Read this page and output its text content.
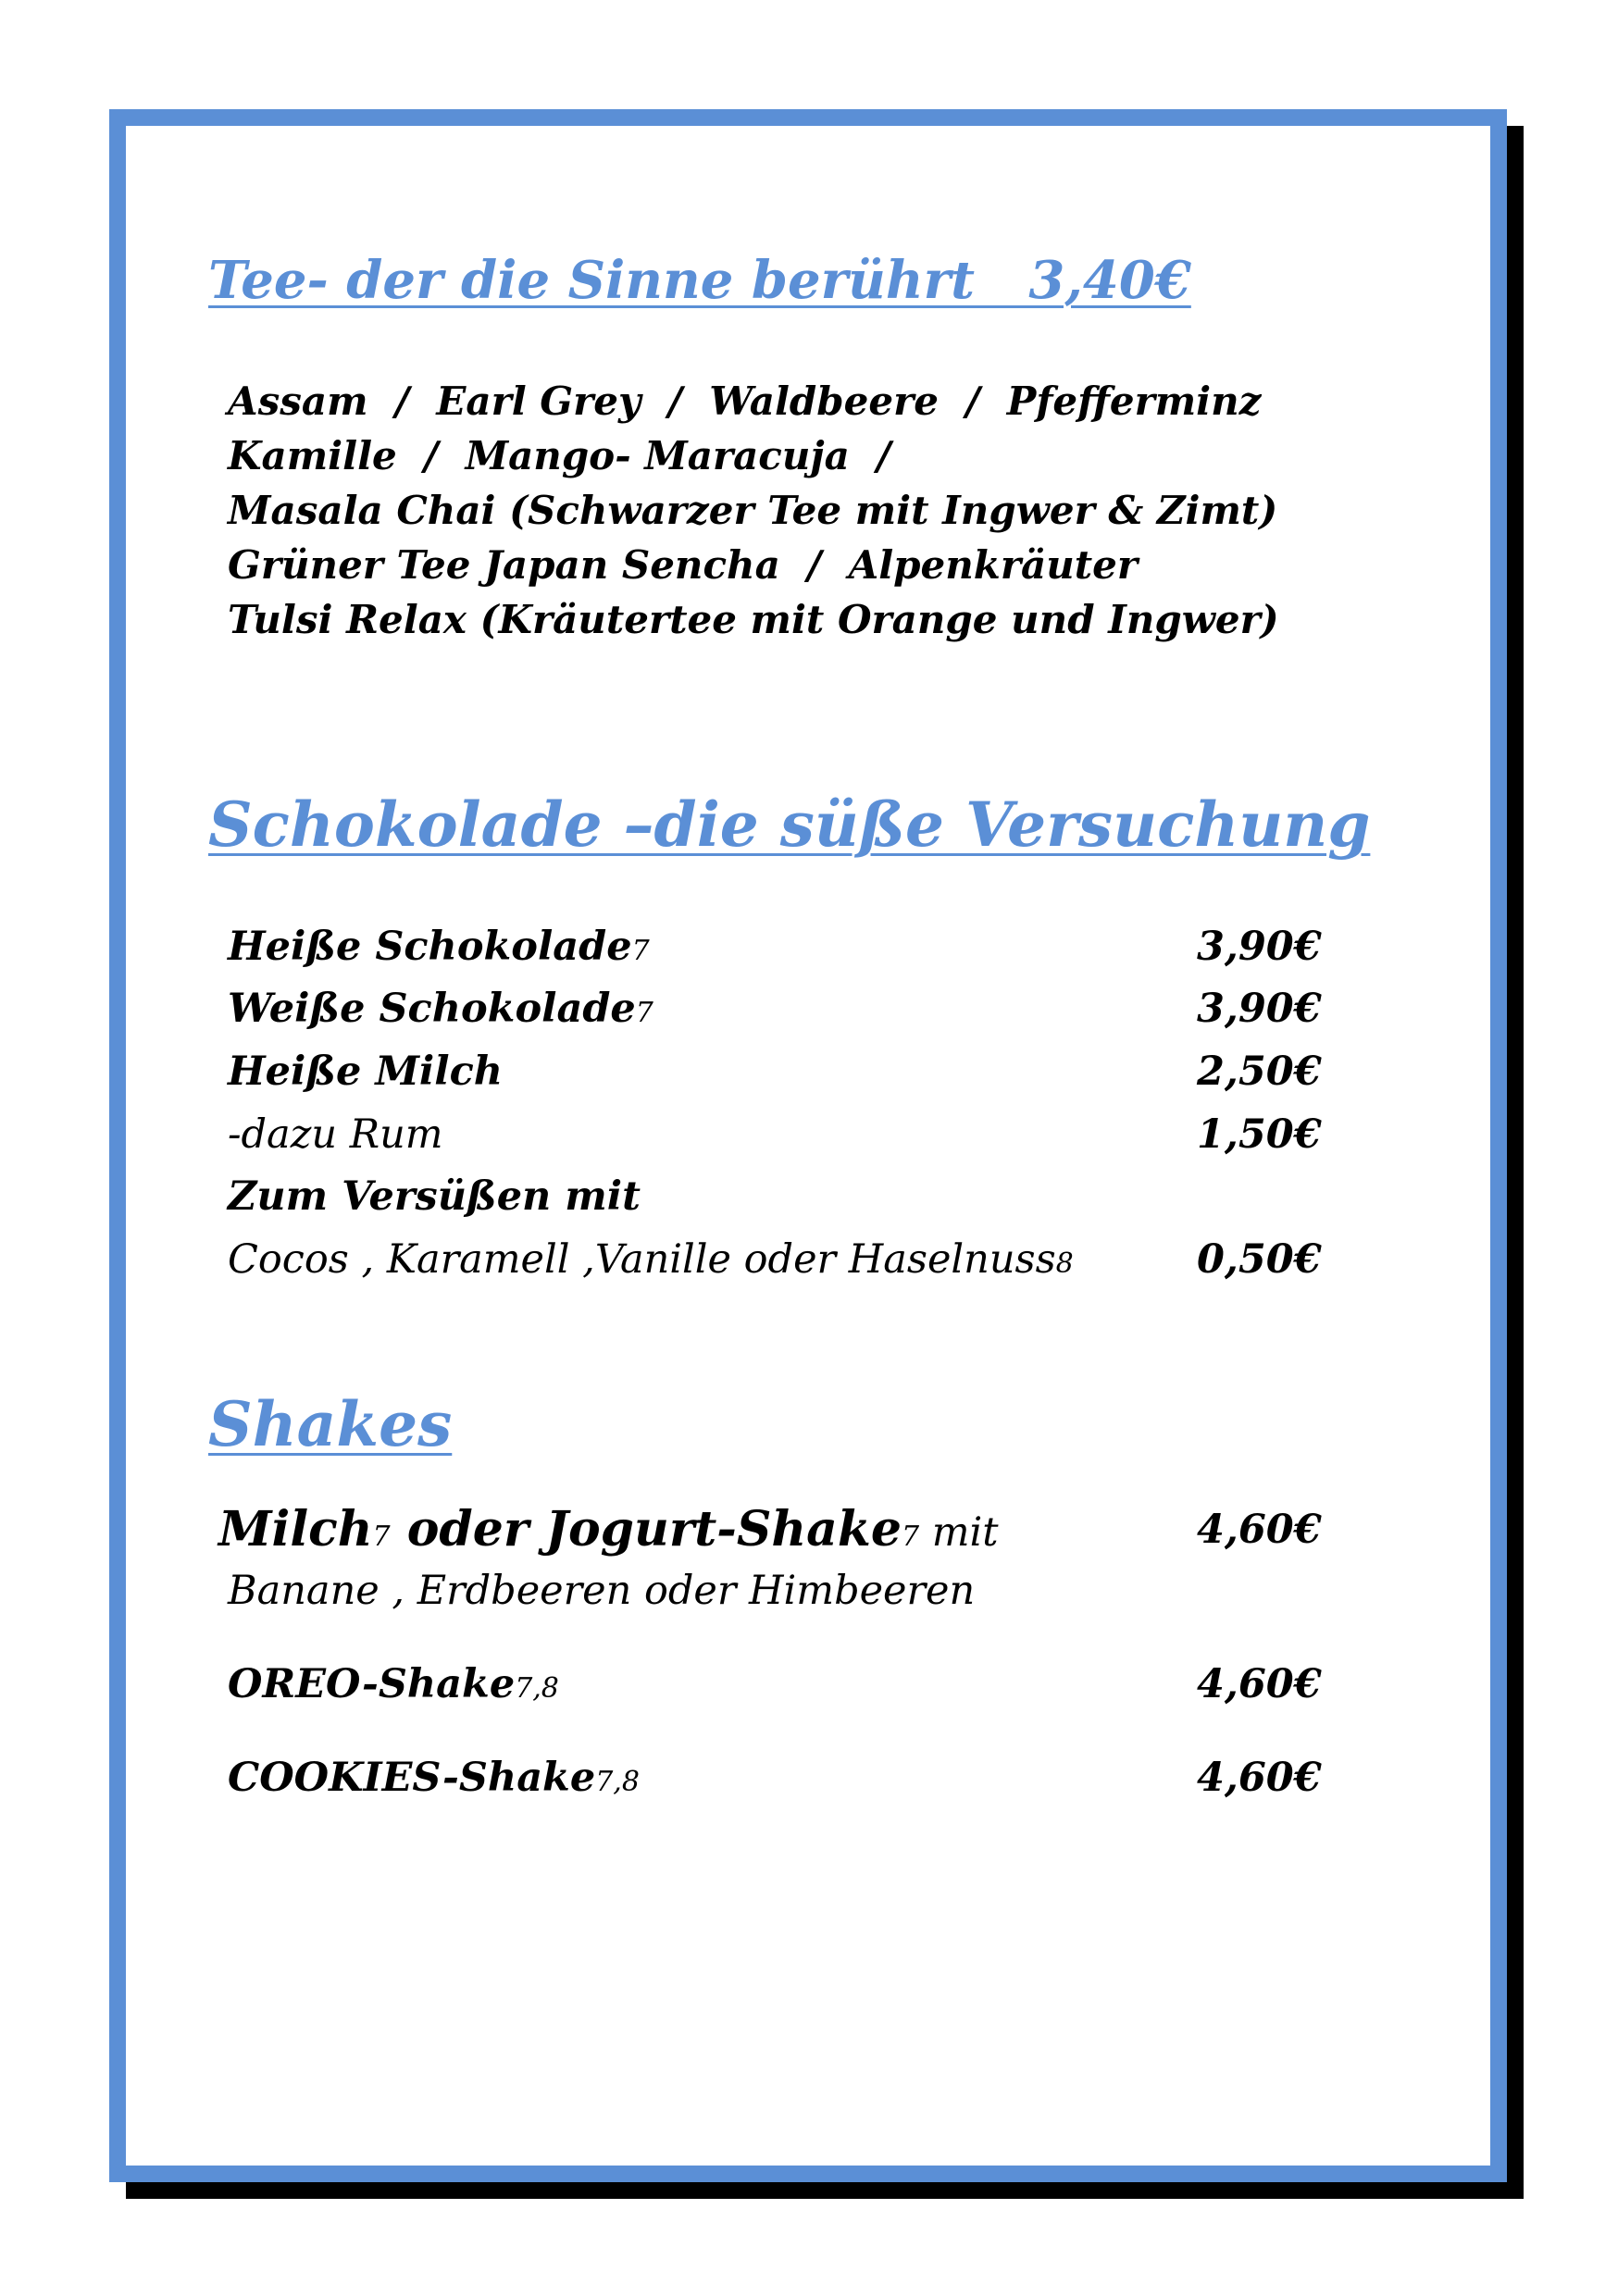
Tee- der die Sinne berührt   3,40€
Assam  /  Earl Grey  /  Waldbeere  /  Pfefferminz
Kamille  /  Mango- Maracuja  /
Masala Chai (Schwarzer Tee mit Ingwer & Zimt)
Grüner Tee Japan Sencha  /  Alpenkräuter
Tulsi Relax (Kräutertee mit Orange und Ingwer)
Schokolade –die süße Versuchung
Heiße Schokolade7	3,90€
Weiße Schokolade7	3,90€
Heiße Milch	2,50€
-dazu Rum	1,50€
Zum Versüßen mit
Cocos , Karamell ,Vanille oder Haselnuss8	0,50€
Shakes
Milch7 oder Jogurt-Shake7 mit	4,60€
Banane , Erdbeeren oder Himbeeren
OREO-Shake7,8	4,60€
COOKIES-Shake7,8	4,60€
